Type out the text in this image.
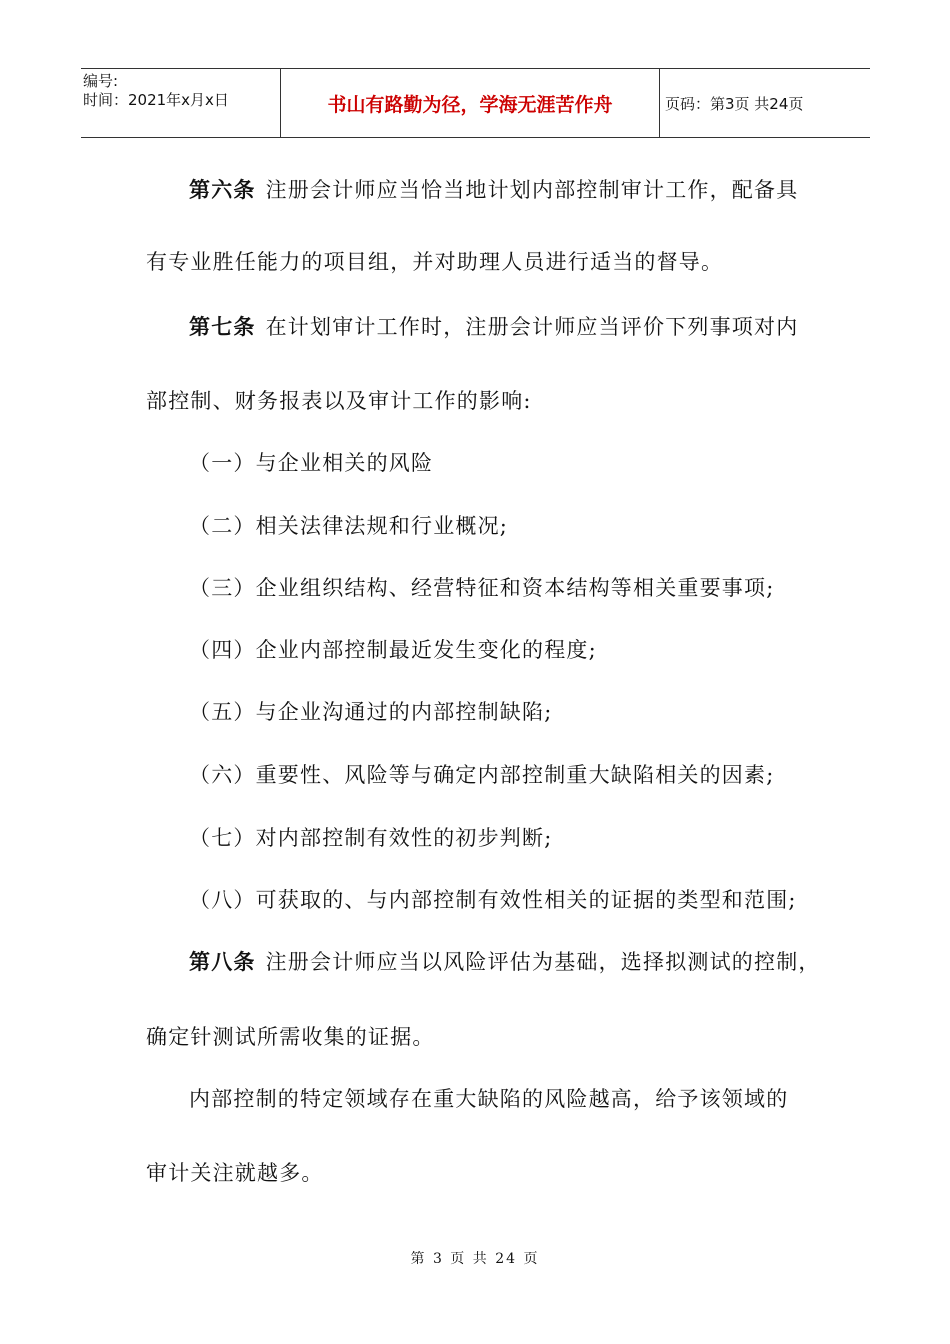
编号:
时间：2021年x月x日	书山有路勤为径，学海无涯苦作舟	页码：第3页 共24页
第六条 注册会计师应当恰当地计划内部控制审计工作，配备具
有专业胜任能力的项目组，并对助理人员进行适当的督导。
第七条 在计划审计工作时，注册会计师应当评价下列事项对内
部控制、财务报表以及审计工作的影响:
（一）与企业相关的风险
（二）相关法律法规和行业概况;
（三）企业组织结构、经营特征和资本结构等相关重要事项;
（四）企业内部控制最近发生变化的程度;
（五）与企业沟通过的内部控制缺陷;
（六）重要性、风险等与确定内部控制重大缺陷相关的因素;
（七）对内部控制有效性的初步判断;
（八）可获取的、与内部控制有效性相关的证据的类型和范围;
第八条 注册会计师应当以风险评估为基础，选择拟测试的控制，
确定针测试所需收集的证据。
内部控制的特定领域存在重大缺陷的风险越高，给予该领域的
审计关注就越多。
第 3 页 共 24 页
